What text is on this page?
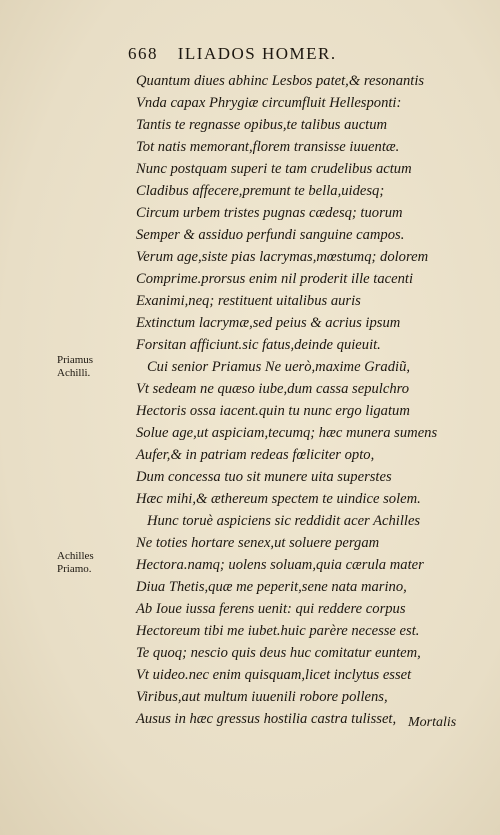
668 ILIADOS HOMER.
Quantum diues abhinc Lesbos patet,& resonantis
Vnda capax Phrygiæ circumfluit Hellesponti:
Tantis te regnasse opibus,te talibus auctum
Tot natis memorant,florem transisse iuuentæ.
Nunc postquam superi te tam crudelibus actum
Cladibus affecere,premunt te bella,uidesq;
Circum urbem tristes pugnas cædesq; tuorum
Semper & assiduo perfundi sanguine campos.
Verum age,siste pias lacrymas,mœstumq; dolorem
Comprime.prorsus enim nil proderit ille tacenti
Exanimi,neq; restituent uitalibus auris
Extinctum lacrymæ,sed peius & acrius ipsum
Forsitan afficiunt.sic fatus,deinde quieuit.
Cui senior Priamus Ne uerò,maxime Gradiũ,
Vt sedeam ne quæso iube,dum cassa sepulchro
Hectoris ossa iacent.quin tu nunc ergo ligatum
Solue age,ut aspiciam,tecumq; hæc munera sumens
Aufer,& in patriam redeas fœliciter opto,
Dum concessa tuo sit munere uita superstes
Hæc mihi,& æthereum spectem te uindice solem.
Hunc toruè aspiciens sic reddidit acer Achilles
Ne toties hortare senex,ut soluere pergam
Hectora.namq; uolens soluam,quia cærula mater
Diua Thetis,quæ me peperit,sene nata marino,
Ab Ioue iussa ferens uenit: qui reddere corpus
Hectoreum tibi me iubet.huic parère necesse est.
Te quoq; nescio quis deus huc comitatur euntem,
Vt uideo.nec enim quisquam,licet inclytus esset
Viribus,aut multum iuuenili robore pollens,
Ausus in hæc gressus hostilia castra tulisset, Mortalis
Priamus
Achilli.
Achilles
Priamo.
